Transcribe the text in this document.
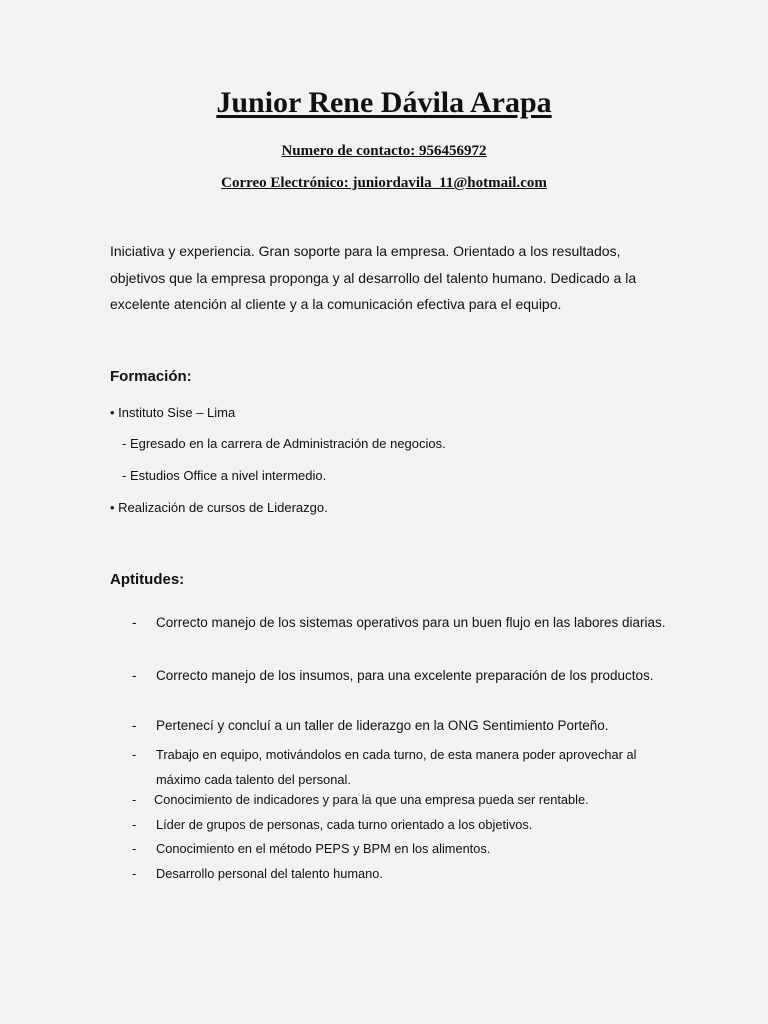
Junior Rene Dávila Arapa
Numero de contacto: 956456972
Correo Electrónico: juniordavila_11@hotmail.com
Iniciativa y experiencia. Gran soporte para la empresa. Orientado a los resultados, objetivos que la empresa proponga y al desarrollo del talento humano. Dedicado a la excelente atención al cliente y a la comunicación efectiva para el equipo.
Formación:
• Instituto Sise – Lima
- Egresado en la carrera de Administración de negocios.
- Estudios Office a nivel intermedio.
• Realización de cursos de Liderazgo.
Aptitudes:
- Correcto manejo de los sistemas operativos para un buen flujo en las labores diarias.
- Correcto manejo de los insumos, para una excelente preparación de los productos.
- Pertenecí y concluí a un taller de liderazgo en la ONG Sentimiento Porteño.
- Trabajo en equipo, motivándolos en cada turno, de esta manera poder aprovechar al máximo cada talento del personal.
- Conocimiento de indicadores y para la que una empresa pueda ser rentable.
- Líder de grupos de personas, cada turno orientado a los objetivos.
- Conocimiento en el método PEPS y BPM en los alimentos.
- Desarrollo personal del talento humano.
